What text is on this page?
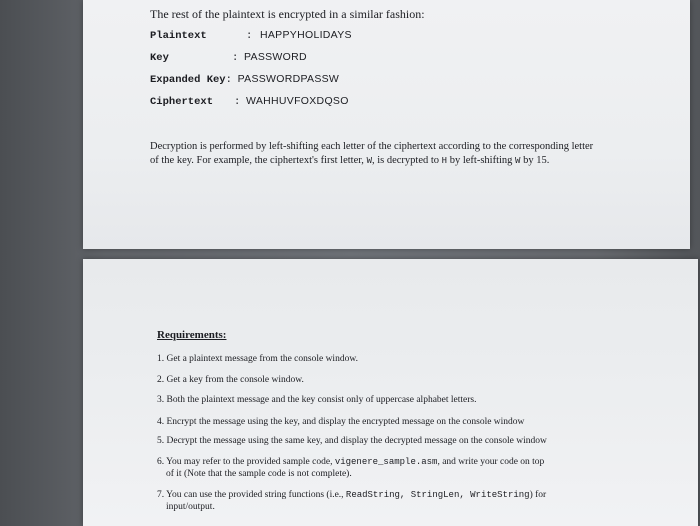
The rest of the plaintext is encrypted in a similar fashion:
Plaintext	: HAPPYHOLIDAYS
Key	: PASSWORD
Expanded Key : PASSWORDPASSW
Ciphertext	: WAHHUVFOXDQSO
Decryption is performed by left-shifting each letter of the ciphertext according to the corresponding letter
of the key. For example, the ciphertext's first letter, W, is decrypted to H by left-shifting W by 15.
Requirements:
1. Get a plaintext message from the console window.
2. Get a key from the console window.
3. Both the plaintext message and the key consist only of uppercase alphabet letters.
4. Encrypt the message using the key, and display the encrypted message on the console window
5. Decrypt the message using the same key, and display the decrypted message on the console window
6. You may refer to the provided sample code, vigenere_sample.asm, and write your code on top
of it (Note that the sample code is not complete).
7. You can use the provided string functions (i.e., ReadString, StringLen, WriteString) for
input/output.
